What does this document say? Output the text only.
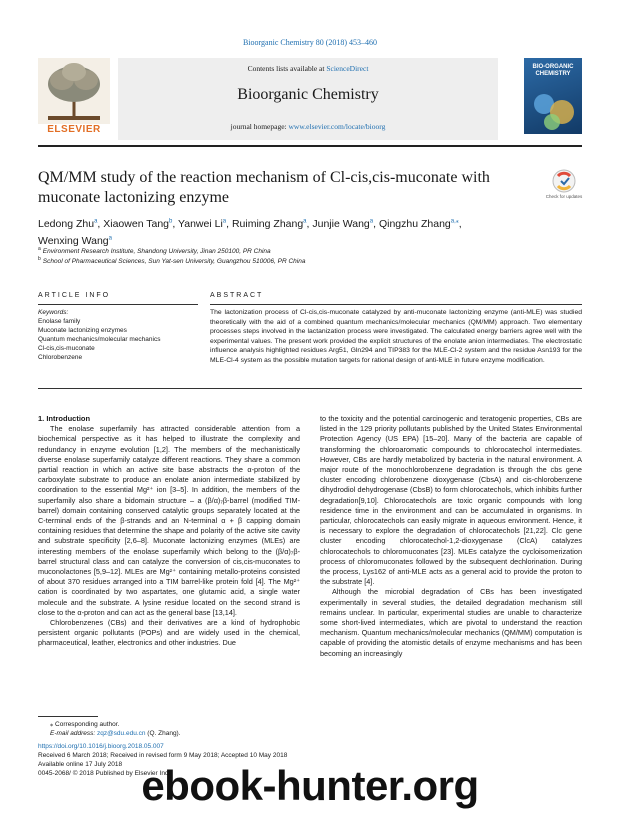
Bioorganic Chemistry 80 (2018) 453–460
ELSEVIER
Contents lists available at ScienceDirect
Bioorganic Chemistry
journal homepage: www.elsevier.com/locate/bioorg
BIO-ORGANIC CHEMISTRY
QM/MM study of the reaction mechanism of Cl-cis,cis-muconate with muconate lactonizing enzyme	Check for updates
Ledong Zhu$^a$, Xiaowen Tang$^b$, Yanwei Li$^a$, Ruiming Zhang$^a$, Junjie Wang$^a$, Qingzhu Zhang$^{a,⁎}$,
Wenxing Wang$^a$
$^a$ Environment Research Institute, Shandong University, Jinan 250100, PR China
$^b$ School of Pharmaceutical Sciences, Sun Yat-sen University, Guangzhou 510006, PR China
ARTICLE INFO	ABSTRACT
Keywords:
Enolase family
Muconate lactonizing enzymes
Quantum mechanics/molecular mechanics
Cl-cis,cis-muconate
Chlorobenzene
The lactonization process of Cl-cis,cis-muconate catalyzed by anti-muconate lactonizing enzyme (anti-MLE) was studied theoretically with the aid of a combined quantum mechanics/molecular mechanics (QM/MM) approach. Two elementary processes steps involved in the lactanization process were investigated. The calculated energy barriers agree well with the experimental values. The present work provided the explicit structures of the enolate anion intermediates. The electrostatic influence analysis highlighted residues Arg51, Gln294 and TIP383 for the MLE-Cl-2 system and the residue Asn193 for the MLE-Cl-4 system as the possible mutation targets for rational design of anti-MLE in future enzyme modification.

1. Introduction

The enolase superfamily has attracted considerable attention from a biochemical perspective as it has helped to illustrate the complexity and redundancy in enzyme evolution [1,2]. The members of the mechanistically diverse enolase superfamily catalyze different reactions. They share a common partial reaction in which an active site base abstracts the α-proton of the carboxylate substrate to produce an enolate anion intermediate stabilized by coordination to the essential Mg²⁺ ion [3–5]. In addition, the members of the superfamily also share a bidomain structure – a (β/α)₇β-barrel (modified TIM-barrel) domain containing conserved catalytic groups separately located at the C-terminal ends of the β-strands and an N-terminal α + β capping domain containing residues that determine the shape and polarity of the active site cavity and substrate specificity [2,6–8]. Muconate lactonizing enzymes (MLEs) are interesting members of the enolase superfamily which belong to the (β/α)₇β-barrel structural class and can catalyze the conversion of cis,cis-muconates to muconolactones [5,9–12]. MLEs are Mg²⁺ containing metallo-proteins consisted of about 370 residues arranged into a TIM barrel-like protein fold [4]. The Mg²⁺ cation is coordinated by two aspartates, one glutamic acid, a single water molecule and the substrate. A lysine residue located on the second strand is close to the α-proton and can act as the general base [13,14].

Chlorobenzenes (CBs) and their derivatives are a kind of hydrophobic persistent organic pollutants (POPs) and are widely used in the chemical, pharmaceutical, leather, electronics and other industries. Due

to the toxicity and the potential carcinogenic and teratogenic properties, CBs are listed in the 129 priority pollutants published by the United States Environmental Protection Agency (US EPA) [15–20]. Many of the bacteria are capable of transforming the chloroaromatic compounds to chlorocatechol intermediates. However, CBs are hardly metabolized by bacteria in the natural environment. A major route of the monochlorobenzene degradation is through the cbs gene cluster encoding chlorobenzene dioxygenase (CbsA) and cis-chlorobenzene dihydrodiol dehydrogenase (CbsB) to form chlorocatechols, which inhibits further degradation[9,10]. Chlorocatechols are toxic organic compounds with long residence time in the environment and can be accumulated in organisms. In particular, chlorocatechols can easily migrate in aqueous environment. Hence, it is necessary to explore the degradation of chlorocatechols [21,22]. Clc gene cluster encoding chlorocatechol-1,2-dioxygenase (ClcA) catalyzes chlorocatechols to chloromuconates [23]. MLEs catalyze the cycloisomerization process of chloromuconates followed by the subsequent dechlorination. During the process, Lys162 of anti-MLE acts as a general acid to provide the proton to the substrate [4].

Although the microbial degradation of CBs has been investigated experimentally in several studies, the detailed degradation mechanism still remains unclear. In particular, experimental studies are unable to characterize some short-lived intermediates, which are pivotal to understand the reaction mechanism. Quantum mechanics/molecular mechanics (QM/MM) computation is capable of providing the atomistic details of enzyme mechanisms and has been becoming an increasingly

⁎ Corresponding author.
E-mail address: zqz@sdu.edu.cn (Q. Zhang).
https://doi.org/10.1016/j.bioorg.2018.05.007
Received 6 March 2018; Received in revised form 9 May 2018; Accepted 10 May 2018
Available online 17 July 2018
0045-2068/ © 2018 Published by Elsevier Inc.
ebook-hunter.org
